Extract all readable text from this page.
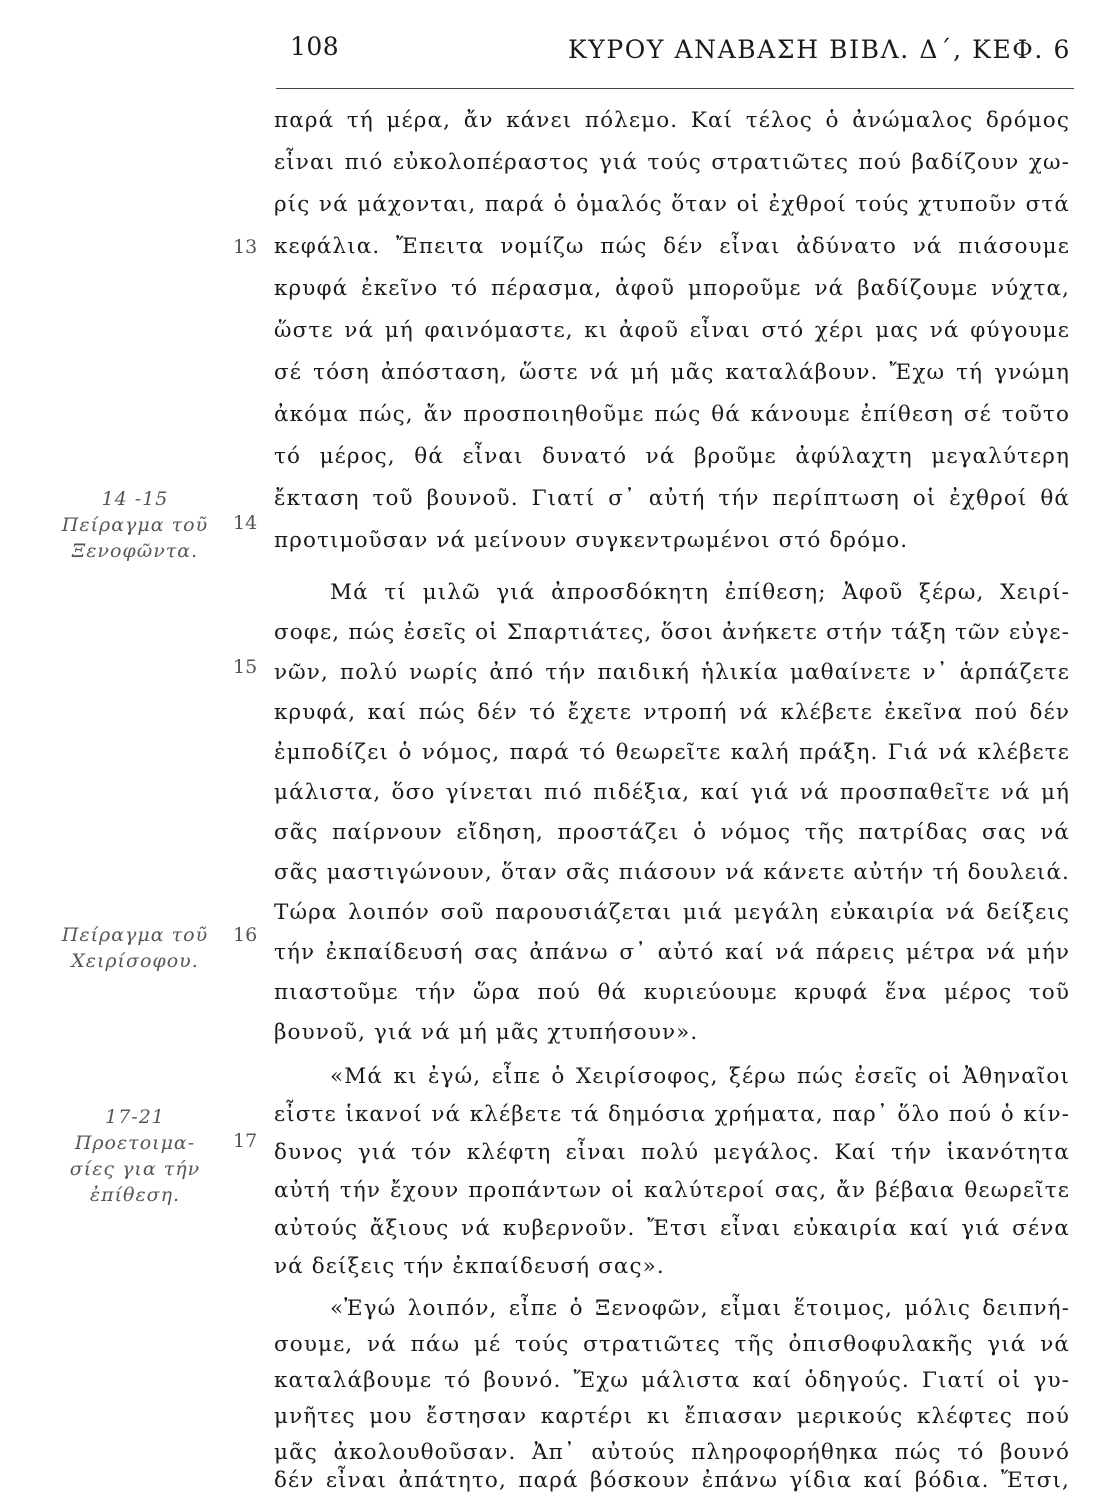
108	ΚΥΡΟΥ ΑΝΑΒΑΣΗ ΒΙΒΛ. Δ΄, ΚΕΦ. 6
13
14
15
16
17
14 -15
Πείραγμα τοῦ
Ξενοφῶντα.
Πείραγμα τοῦ
Χειρίσοφου.
17-21
Προετοιμα-
σίες για τήν
ἐπίθεση.
παρά τή μέρα, ἄν κάνει πόλεμο. Καί τέλος ὁ ἀνώμαλος δρόμος
εἶναι πιό εὐκολοπέραστος γιά τούς στρατιῶτες πού βαδίζουν χω-
ρίς νά μάχονται, παρά ὁ ὁμαλός ὅταν οἱ ἐχθροί τούς χτυποῦν στά
κεφάλια. Ἔπειτα νομίζω πώς δέν εἶναι ἀδύνατο νά πιάσουμε
κρυφά ἐκεῖνο τό πέρασμα, ἀφοῦ μποροῦμε νά βαδίζουμε νύχτα,
ὥστε νά μή φαινόμαστε, κι ἀφοῦ εἶναι στό χέρι μας νά φύγουμε
σέ τόση ἀπόσταση, ὥστε νά μή μᾶς καταλάβουν. Ἔχω τή γνώμη
ἀκόμα πώς, ἄν προσποιηθοῦμε πώς θά κάνουμε ἐπίθεση σέ τοῦτο
τό μέρος, θά εἶναι δυνατό νά βροῦμε ἀφύλαχτη μεγαλύτερη
ἔκταση τοῦ βουνοῦ. Γιατί σ᾽ αὐτή τήν περίπτωση οἱ ἐχθροί θά
προτιμοῦσαν νά μείνουν συγκεντρωμένοι στό δρόμο.
Μά τί μιλῶ γιά ἀπροσδόκητη ἐπίθεση; Ἀφοῦ ξέρω, Χειρί-
σοφε, πώς ἐσεῖς οἱ Σπαρτιάτες, ὅσοι ἀνήκετε στήν τάξη τῶν εὐγε-
νῶν, πολύ νωρίς ἀπό τήν παιδική ἡλικία μαθαίνετε ν᾽ ἁρπάζετε
κρυφά, καί πώς δέν τό ἔχετε ντροπή νά κλέβετε ἐκεῖνα πού δέν
ἐμποδίζει ὁ νόμος, παρά τό θεωρεῖτε καλή πράξη. Γιά νά κλέβετε
μάλιστα, ὅσο γίνεται πιό πιδέξια, καί γιά νά προσπαθεῖτε νά μή
σᾶς παίρνουν εἴδηση, προστάζει ὁ νόμος τῆς πατρίδας σας νά
σᾶς μαστιγώνουν, ὅταν σᾶς πιάσουν νά κάνετε αὐτήν τή δουλειά.
Τώρα λοιπόν σοῦ παρουσιάζεται μιά μεγάλη εὐκαιρία νά δείξεις
τήν ἐκπαίδευσή σας ἀπάνω σ᾽ αὐτό καί νά πάρεις μέτρα νά μήν
πιαστοῦμε τήν ὥρα πού θά κυριεύουμε κρυφά ἕνα μέρος τοῦ
βουνοῦ, γιά νά μή μᾶς χτυπήσουν».
«Μά κι ἐγώ, εἶπε ὁ Χειρίσοφος, ξέρω πώς ἐσεῖς οἱ Ἀθηναῖοι
εἶστε ἱκανοί νά κλέβετε τά δημόσια χρήματα, παρ᾽ ὅλο πού ὁ κίν-
δυνος γιά τόν κλέφτη εἶναι πολύ μεγάλος. Καί τήν ἱκανότητα
αὐτή τήν ἔχουν προπάντων οἱ καλύτεροί σας, ἄν βέβαια θεωρεῖτε
αὐτούς ἄξιους νά κυβερνοῦν. Ἔτσι εἶναι εὐκαιρία καί γιά σένα
νά δείξεις τήν ἐκπαίδευσή σας».
«Ἐγώ λοιπόν, εἶπε ὁ Ξενοφῶν, εἶμαι ἕτοιμος, μόλις δειπνή-
σουμε, νά πάω μέ τούς στρατιῶτες τῆς ὀπισθοφυλακῆς γιά νά
καταλάβουμε τό βουνό. Ἔχω μάλιστα καί ὁδηγούς. Γιατί οἱ γυ-
μνῆτες μου ἔστησαν καρτέρι κι ἔπιασαν μερικούς κλέφτες πού
μᾶς ἀκολουθοῦσαν. Ἀπ᾽ αὐτούς πληροφορήθηκα πώς τό βουνό
δέν εἶναι ἀπάτητο, παρά βόσκουν ἐπάνω γίδια καί βόδια. Ἔτσι,
